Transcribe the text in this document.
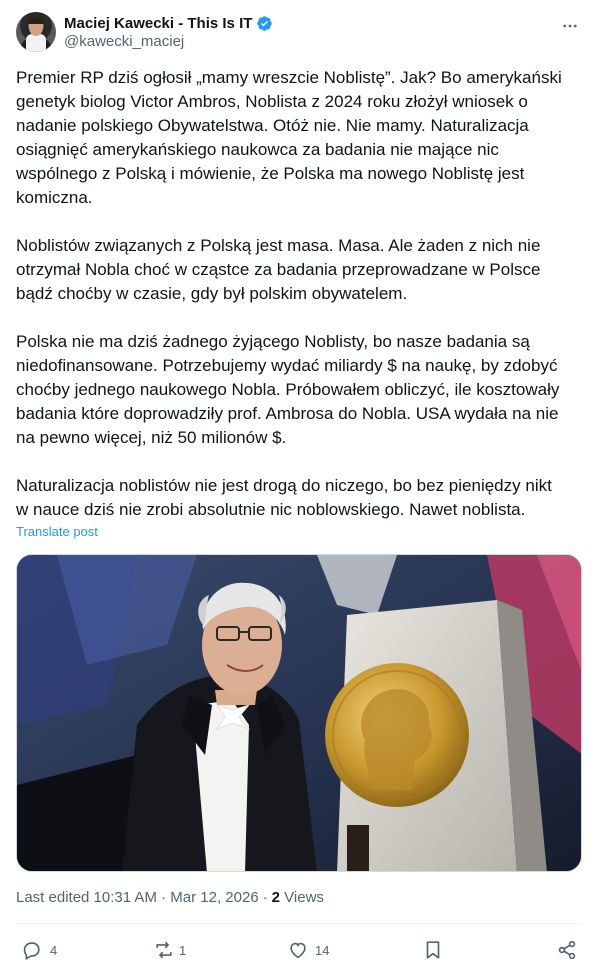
Maciej Kawecki - This Is IT
@kawecki_maciej

Premier RP dziś ogłosił „mamy wreszcie Noblistę”. Jak? Bo amerykański

genetyk biolog Victor Ambros, Noblista z 2024 roku złożył wniosek o

nadanie polskiego Obywatelstwa. Otóż nie. Nie mamy. Naturalizacja

osiągnięć amerykańskiego naukowca za badania nie mające nic

wspólnego z Polską i mówienie, że Polska ma nowego Noblistę jest

komiczna.

Noblistów związanych z Polską jest masa. Masa. Ale żaden z nich nie

otrzymał Nobla choć w cząstce za badania przeprowadzane w Polsce

bądź choćby w czasie, gdy był polskim obywatelem.

Polska nie ma dziś żadnego żyjącego Noblisty, bo nasze badania są

niedofinansowane. Potrzebujemy wydać miliardy $ na naukę, by zdobyć

choćby jednego naukowego Nobla. Próbowałem obliczyć, ile kosztowały

badania które doprowadziły prof. Ambrosa do Nobla. USA wydała na nie

na pewno więcej, niż 50 milionów $.

Naturalizacja noblistów nie jest drogą do niczego, bo bez pieniędzy nikt

w nauce dziś nie zrobi absolutnie nic noblowskiego. Nawet noblista.

Translate post
Last edited 10:31 AM · Mar 12, 2026 · 2 Views
4	1	14
